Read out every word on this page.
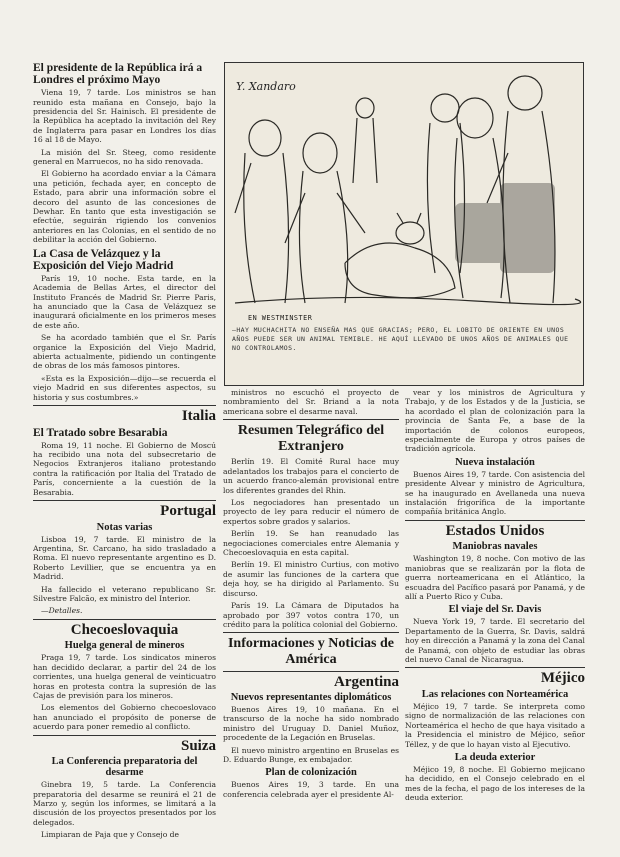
Y. Xandaro
EN WESTMINSTER
—HAY MUCHACHITA NO ENSEÑA MAS QUE GRACIAS; PERO, EL LOBITO DE ORIENTE EN UNOS AÑOS PUEDE SER UN ANIMAL TEMIBLE. HE AQUÍ LLEVADO DE UNOS AÑOS DE ANIMALES QUE NO CONTROLAMOS.
El presidente de la República irá a Londres el próximo Mayo

Viena 19, 7 tarde. Los ministros se han reunido esta mañana en Consejo, bajo la presidencia del Sr. Hainisch. El presidente de la República ha aceptado la invitación del Rey de Inglaterra para pasar en Londres los días 16 al 18 de Mayo.

La misión del Sr. Steeg, como residente general en Marruecos, no ha sido renovada.

El Gobierno ha acordado enviar a la Cámara una petición, fechada ayer, en concepto de Estado, para abrir una información sobre el decoro del asunto de las concesiones de Dewhar. En tanto que esta investigación se efectúe, seguirán rigiendo los convenios anteriores en las Colonias, en el sentido de no debilitar la acción del Gobierno.

La Casa de Velázquez y la Exposición del Viejo Madrid

París 19, 10 noche. Esta tarde, en la Academia de Bellas Artes, el director del Instituto Francés de Madrid Sr. Pierre Paris, ha anunciado que la Casa de Velázquez se inaugurará oficialmente en los primeros meses de este año.

Se ha acordado también que el Sr. París organice la Exposición del Viejo Madrid, abierta actualmente, pidiendo un contingente de obras de los más famosos pintores.

«Esta es la Exposición—dijo—se recuerda el viejo Madrid en sus diferentes aspectos, su historia y sus costumbres.»

Italia
El Tratado sobre Besarabia

Roma 19, 11 noche. El Gobierno de Moscú ha recibido una nota del subsecretario de Negocios Extranjeros italiano protestando contra la ratificación por Italia del Tratado de París, concerniente a la cuestión de la Besarabia.

Portugal
Notas varias

Lisboa 19, 7 tarde. El ministro de la Argentina, Sr. Carcano, ha sido trasladado a Roma. El nuevo representante argentino es D. Roberto Levillier, que se encuentra ya en Madrid.

Ha fallecido el veterano republicano Sr. Silvestre Falcão, ex ministro del Interior.

—Detalles.

Checoeslovaquia
Huelga general de mineros

Praga 19, 7 tarde. Los sindicatos mineros han decidido declarar, a partir del 24 de los corrientes, una huelga general de veinticuatro horas en protesta contra la supresión de las Cajas de previsión para los mineros.

Los elementos del Gobierno checoeslovaco han anunciado el propósito de ponerse de acuerdo para poner remedio al conflicto.

Suiza
La Conferencia preparatoria del desarme

Ginebra 19, 5 tarde. La Conferencia preparatoria del desarme se reunirá el 21 de Marzo y, según los informes, se limitará a la discusión de los proyectos presentados por los delegados.

Limpiaran de Paja que y Consejo de

ministros no escuchó el proyecto de nombramiento del Sr. Briand a la nota americana sobre el desarme naval.

Resumen Telegráfico del Extranjero

Berlín 19. El Comité Rural hace muy adelantados los trabajos para el concierto de un acuerdo franco-alemán provisional entre los diferentes grandes del Rhin.

Los negociadores han presentado un proyecto de ley para reducir el número de expertos sobre grados y salarios.

Berlín 19. Se han reanudado las negociaciones comerciales entre Alemania y Checoeslovaquia en esta capital.

Berlín 19. El ministro Curtius, con motivo de asumir las funciones de la cartera que deja hoy, se ha dirigido al Parlamento. Su discurso.

París 19. La Cámara de Diputados ha aprobado por 397 votos contra 170, un crédito para la política colonial del Gobierno.

Informaciones y Noticias de América
Argentina
Nuevos representantes diplomáticos

Buenos Aires 19, 10 mañana. En el transcurso de la noche ha sido nombrado ministro del Uruguay D. Daniel Muñoz, procedente de la Legación en Bruselas.

El nuevo ministro argentino en Bruselas es D. Eduardo Bunge, ex embajador.

Plan de colonización

Buenos Aires 19, 3 tarde. En una conferencia celebrada ayer el presidente Al-

vear y los ministros de Agricultura y Trabajo, y de los Estados y de la Justicia, se ha acordado el plan de colonización para la provincia de Santa Fe, a base de la importación de colonos europeos, especialmente de Europa y otros países de tradición agrícola.

Nueva instalación

Buenos Aires 19, 7 tarde. Con asistencia del presidente Alvear y ministro de Agricultura, se ha inaugurado en Avellaneda una nueva instalación frigorífica de la importante compañía británica Anglo.

Estados Unidos
Maniobras navales

Washington 19, 8 noche. Con motivo de las maniobras que se realizarán por la flota de guerra norteamericana en el Atlántico, la escuadra del Pacífico pasará por Panamá, y de allí a Puerto Rico y Cuba.

El viaje del Sr. Davis

Nueva York 19, 7 tarde. El secretario del Departamento de la Guerra, Sr. Davis, saldrá hoy en dirección a Panamá y la zona del Canal de Panamá, con objeto de estudiar las obras del nuevo Canal de Nicaragua.

Méjico
Las relaciones con Norteamérica

Méjico 19, 7 tarde. Se interpreta como signo de normalización de las relaciones con Norteamérica el hecho de que haya visitado a la Presidencia el ministro de Méjico, señor Téllez, y de que lo hayan visto al Ejecutivo.

La deuda exterior

Méjico 19, 8 noche. El Gobierno mejicano ha decidido, en el Consejo celebrado en el mes de la fecha, el pago de los intereses de la deuda exterior.
